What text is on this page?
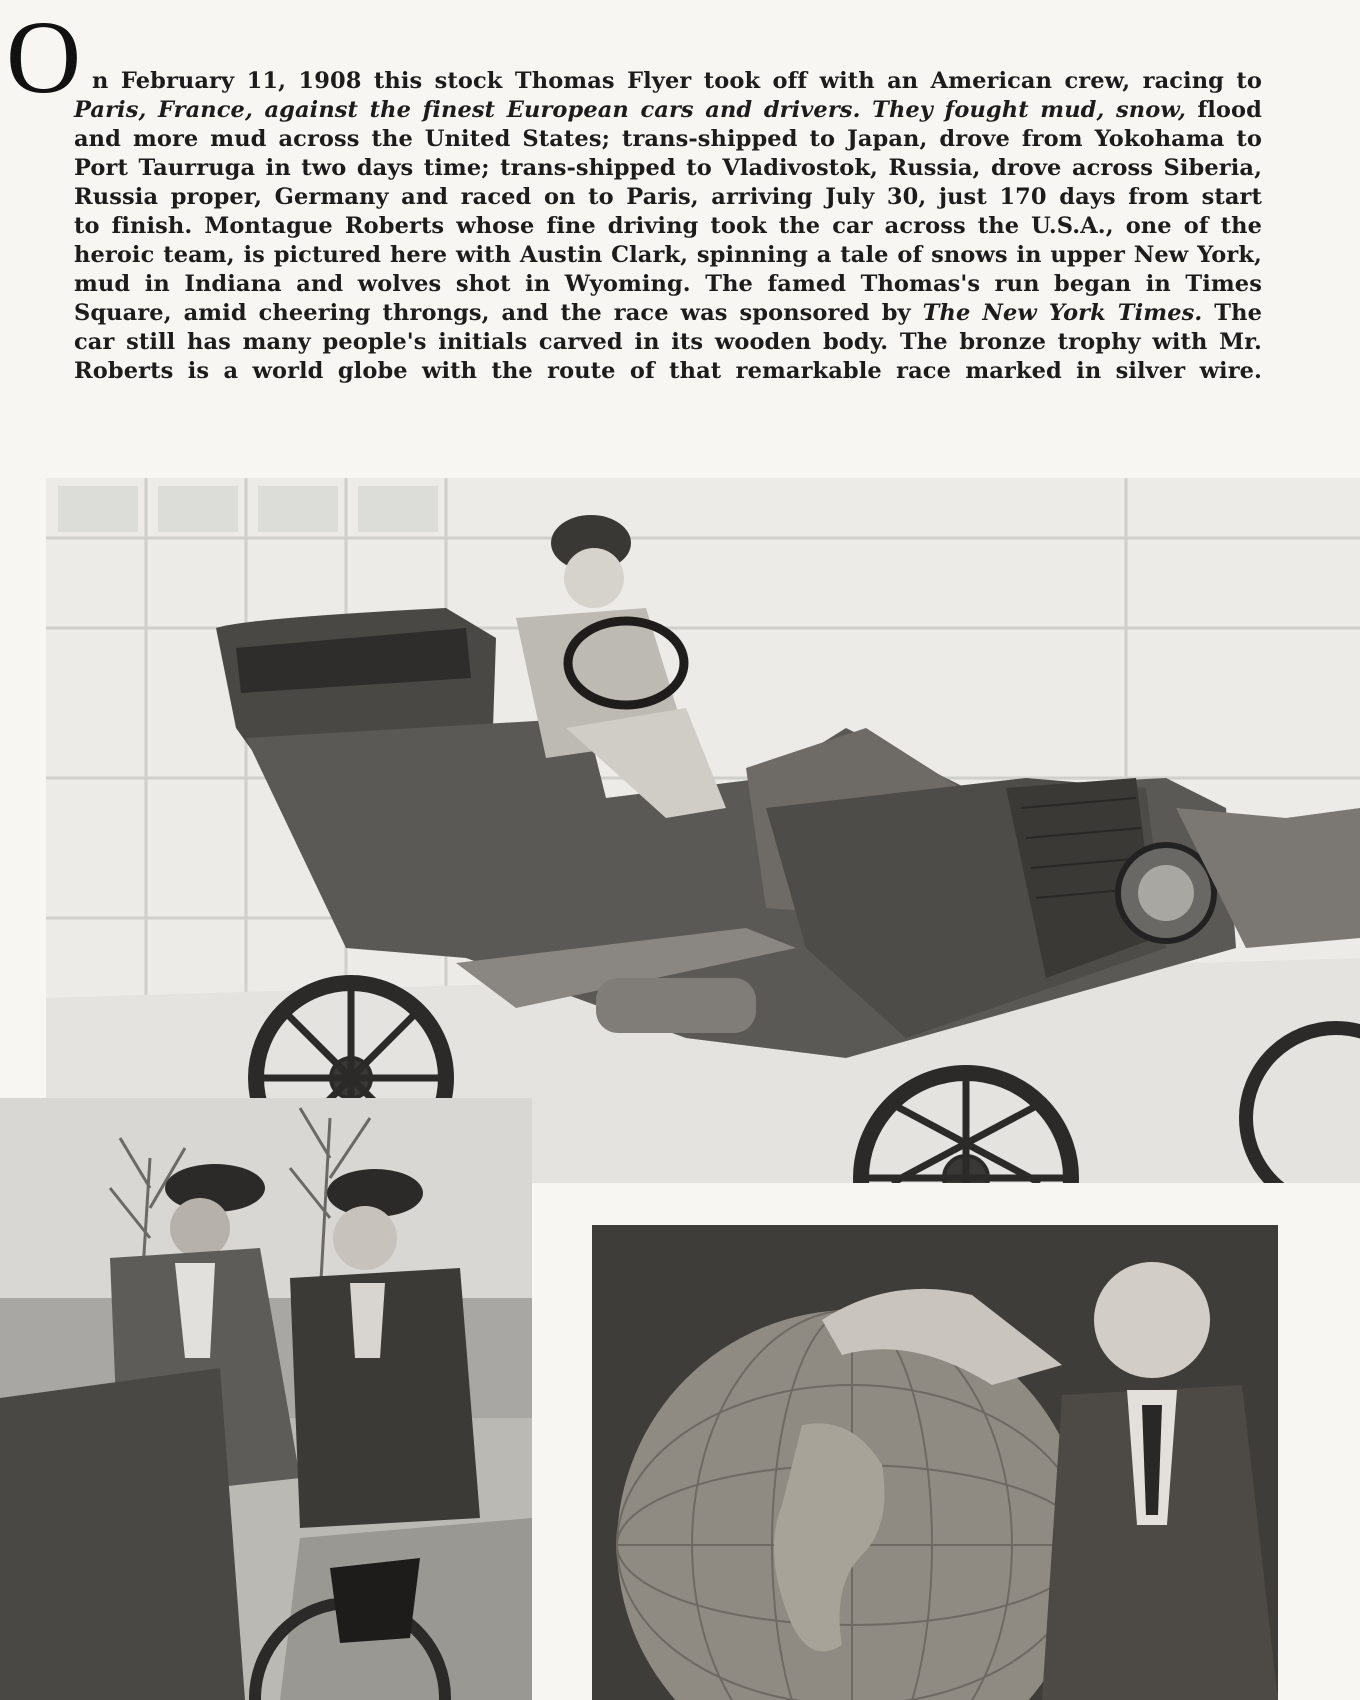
O n February 11, 1908 this stock Thomas Flyer took off with an American crew, racing to
Paris, France, against the finest European cars and drivers. They fought mud, snow, flood
and more mud across the United States; trans-shipped to Japan, drove from Yokohama to
Port Taurruga in two days time; trans-shipped to Vladivostok, Russia, drove across Siberia,
Russia proper, Germany and raced on to Paris, arriving July 30, just 170 days from start
to finish. Montague Roberts whose fine driving took the car across the U.S.A., one of the
heroic team, is pictured here with Austin Clark, spinning a tale of snows in upper New York,
mud in Indiana and wolves shot in Wyoming. The famed Thomas's run began in Times
Square, amid cheering throngs, and the race was sponsored by The New York Times. The
car still has many people's initials carved in its wooden body. The bronze trophy with Mr.
Roberts is a world globe with the route of that remarkable race marked in silver wire.
